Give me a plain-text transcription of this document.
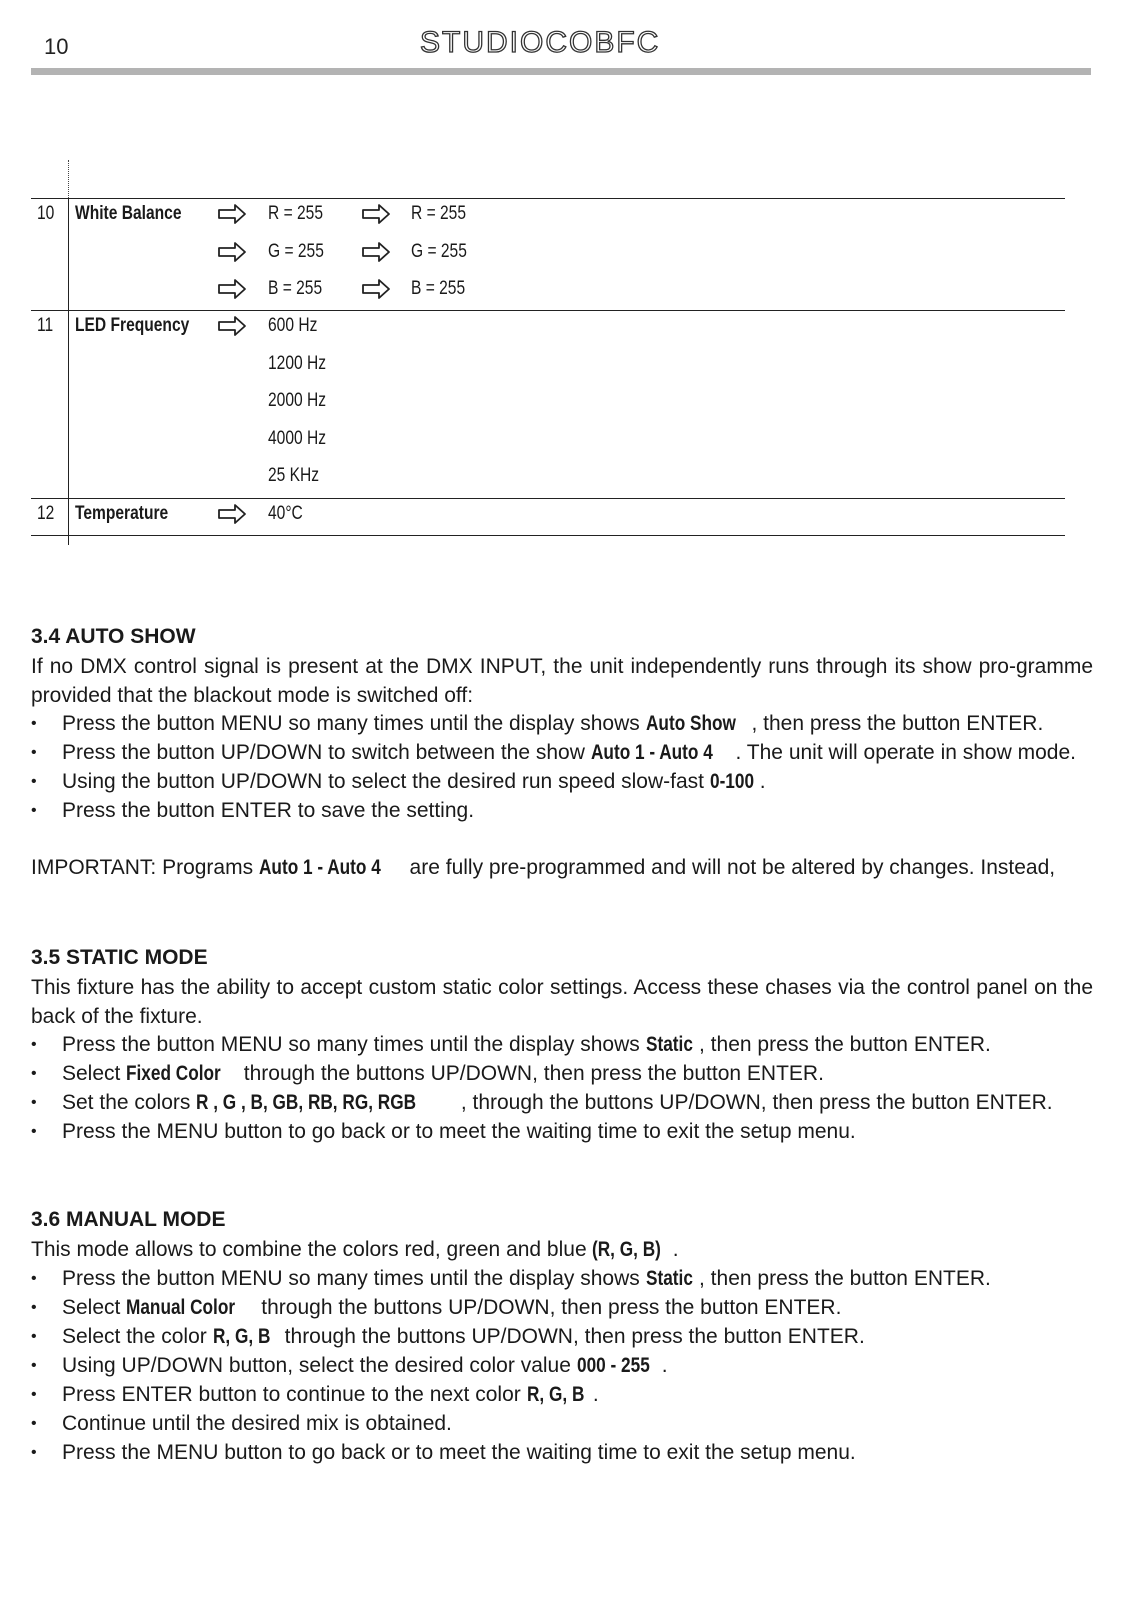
10	STUDIOCOBFC
10 White Balance	R = 255	R = 255
G = 255	G = 255
B = 255	B = 255
11 LED Frequency	600 Hz
1200 Hz
2000 Hz
4000 Hz
25 KHz
12 Temperature	40°C
3.4 AUTO SHOW
If no DMX control signal is present at the DMX INPUT, the unit independently runs through its show pro-gramme provided that the blackout mode is switched off:
• Press the button MENU so many times until the display shows Auto Show , then press the button ENTER.
• Press the button UP/DOWN to switch between the show Auto 1 - Auto 4 . The unit will operate in show mode.
• Using the button UP/DOWN to select the desired run speed slow-fast 0-100 .
• Press the button ENTER to save the setting.
IMPORTANT: Programs Auto 1 - Auto 4 are fully pre-programmed and will not be altered by changes. Instead,
3.5 STATIC MODE
This fixture has the ability to accept custom static color settings. Access these chases via the control panel on the back of the fixture.
• Press the button MENU so many times until the display shows Static , then press the button ENTER.
• Select Fixed Color through the buttons UP/DOWN, then press the button ENTER.
• Set the colors R , G , B, GB, RB, RG, RGB , through the buttons UP/DOWN, then press the button ENTER.
• Press the MENU button to go back or to meet the waiting time to exit the setup menu.
3.6 MANUAL MODE
This mode allows to combine the colors red, green and blue (R, G, B) .
• Press the button MENU so many times until the display shows Static , then press the button ENTER.
• Select Manual Color through the buttons UP/DOWN, then press the button ENTER.
• Select the color R, G, B through the buttons UP/DOWN, then press the button ENTER.
• Using UP/DOWN button, select the desired color value 000 - 255 .
• Press ENTER button to continue to the next color R, G, B .
• Continue until the desired mix is obtained.
• Press the MENU button to go back or to meet the waiting time to exit the setup menu.
